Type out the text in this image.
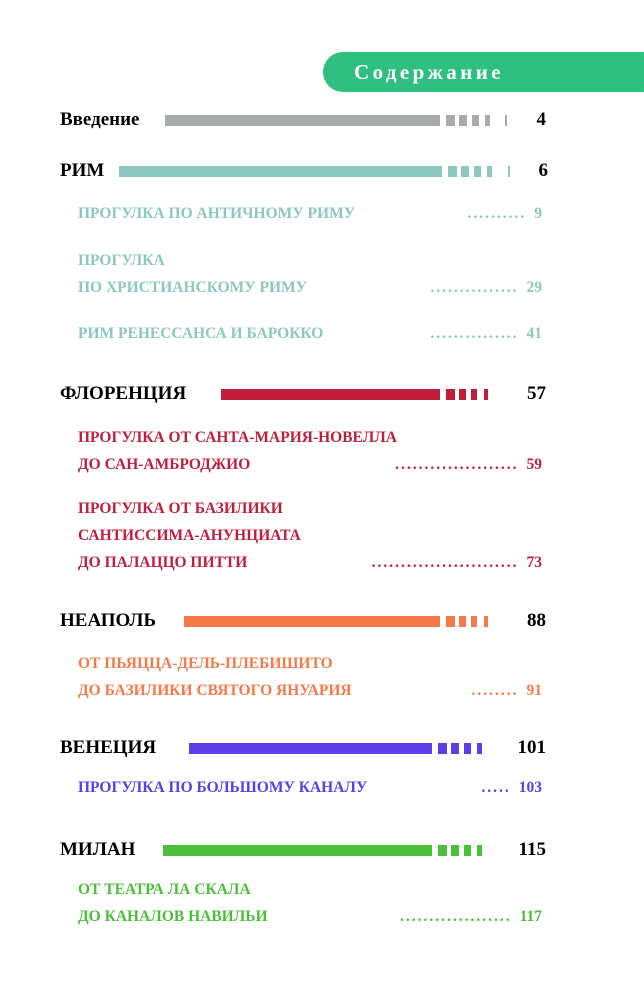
Содержание
Введение	4
РИМ	6
ПРОГУЛКА ПО АНТИЧНОМУ РИМУ	9
..........
ПРОГУЛКА
ПО ХРИСТИАНСКОМУ РИМУ	29
...............
РИМ РЕНЕССАНСА И БАРОККО	41
...............
ФЛОРЕНЦИЯ	57
ПРОГУЛКА ОТ САНТА-МАРИЯ-НОВЕЛЛА
ДО САН-АМБРОДЖИО	59
.....................
ПРОГУЛКА ОТ БАЗИЛИКИ
САНТИССИМА-АНУНЦИАТА
ДО ПАЛАЦЦО ПИТТИ	73
.........................
НЕАПОЛЬ	88
ОТ ПЬЯЦЦА-ДЕЛЬ-ПЛЕБИШИТО
ДО БАЗИЛИКИ СВЯТОГО ЯНУАРИЯ	91
........
ВЕНЕЦИЯ	101
ПРОГУЛКА ПО БОЛЬШОМУ КАНАЛУ	103
.....
МИЛАН	115
ОТ ТЕАТРА ЛА СКАЛА
ДО КАНАЛОВ НАВИЛЬИ	117
...................
